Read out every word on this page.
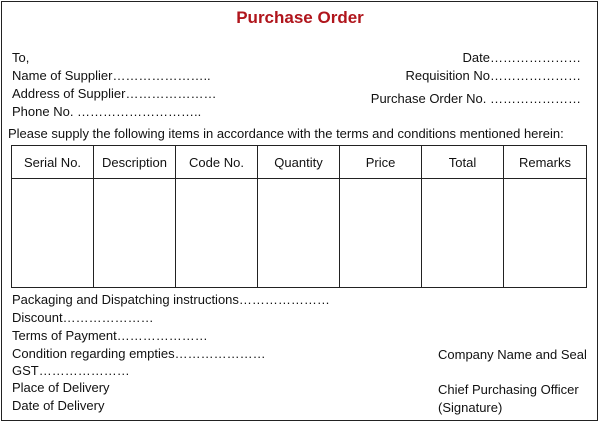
Purchase Order
To,
Name of Supplier…………………..
Address of Supplier…………………
Phone No. ………………………..
Date…………………
Requisition No…………………
Purchase Order No. …………………
Please supply the following items in accordance with the terms and conditions mentioned herein:
Serial No.	Description	Code No.	Quantity	Price	Total	Remarks

Packaging and Dispatching instructions…………………
Discount…………………
Terms of Payment…………………
Condition regarding empties…………………
GST…………………
Place of Delivery
Date of Delivery
Company Name and Seal
Chief Purchasing Officer
(Signature)
